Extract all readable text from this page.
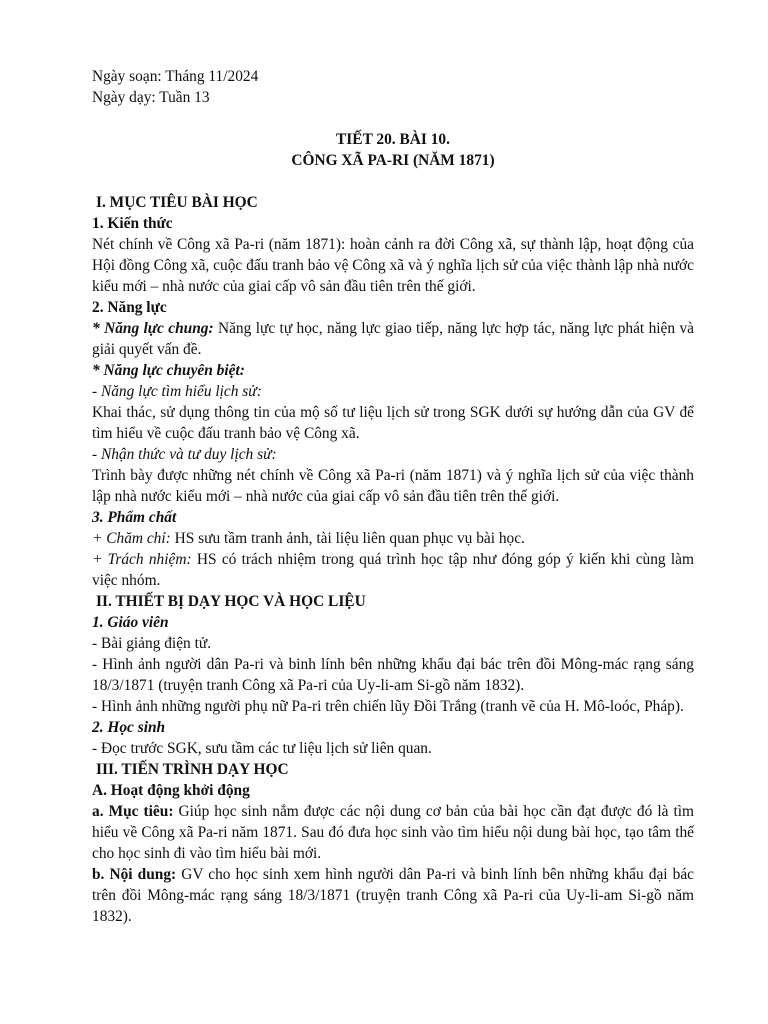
Ngày soạn: Tháng 11/2024

Ngày dạy: Tuần 13

TIẾT 20. BÀI 10.

CÔNG XÃ PA-RI (NĂM 1871)

I. MỤC TIÊU BÀI HỌC

1. Kiến thức

Nét chính về Công xã Pa-ri (năm 1871): hoàn cảnh ra đời Công xã, sự thành lập, hoạt động của Hội đồng Công xã, cuộc đấu tranh bảo vệ Công xã và ý nghĩa lịch sử của việc thành lập nhà nước kiểu mới – nhà nước của giai cấp vô sản đầu tiên trên thế giới.

2. Năng lực

* Năng lực chung: Năng lực tự học, năng lực giao tiếp, năng lực hợp tác, năng lực phát hiện và giải quyết vấn đề.

* Năng lực chuyên biệt:

- Năng lực tìm hiểu lịch sử:

Khai thác, sử dụng thông tin của mộ số tư liệu lịch sử trong SGK dưới sự hướng dẫn của GV để tìm hiểu về cuộc đấu tranh bảo vệ Công xã.

- Nhận thức và tư duy lịch sử:

Trình bày được những nét chính về Công xã Pa-ri (năm 1871) và ý nghĩa lịch sử của việc thành lập nhà nước kiểu mới – nhà nước của giai cấp vô sản đầu tiên trên thế giới.

3. Phẩm chất

+ Chăm chỉ: HS sưu tầm tranh ảnh, tài liệu liên quan phục vụ bài học.

+ Trách nhiệm: HS có trách nhiệm trong quá trình học tập như đóng góp ý kiến khi cùng làm việc nhóm.

II. THIẾT BỊ DẠY HỌC VÀ HỌC LIỆU

1. Giáo viên

- Bài giảng điện tử.

- Hình ảnh người dân Pa-ri và binh lính bên những khẩu đại bác trên đồi Mông-mác rạng sáng 18/3/1871 (truyện tranh Công xã Pa-ri của Uy-li-am Si-gồ năm 1832).

- Hình ảnh những người phụ nữ Pa-ri trên chiến lũy Đồi Trắng (tranh vẽ của H. Mô-loóc, Pháp).

2. Học sinh

- Đọc trước SGK, sưu tầm các tư liệu lịch sử liên quan.

III. TIẾN TRÌNH DẠY HỌC

A. Hoạt động khởi động

a. Mục tiêu: Giúp học sinh nắm được các nội dung cơ bản của bài học cần đạt được đó là tìm hiểu về Công xã Pa-ri năm 1871. Sau đó đưa học sinh vào tìm hiểu nội dung bài học, tạo tâm thế cho học sinh đi vào tìm hiểu bài mới.

b. Nội dung: GV cho học sinh xem hình người dân Pa-ri và binh lính bên những khẩu đại bác trên đồi Mông-mác rạng sáng 18/3/1871 (truyện tranh Công xã Pa-ri của Uy-li-am Si-gồ năm 1832).
